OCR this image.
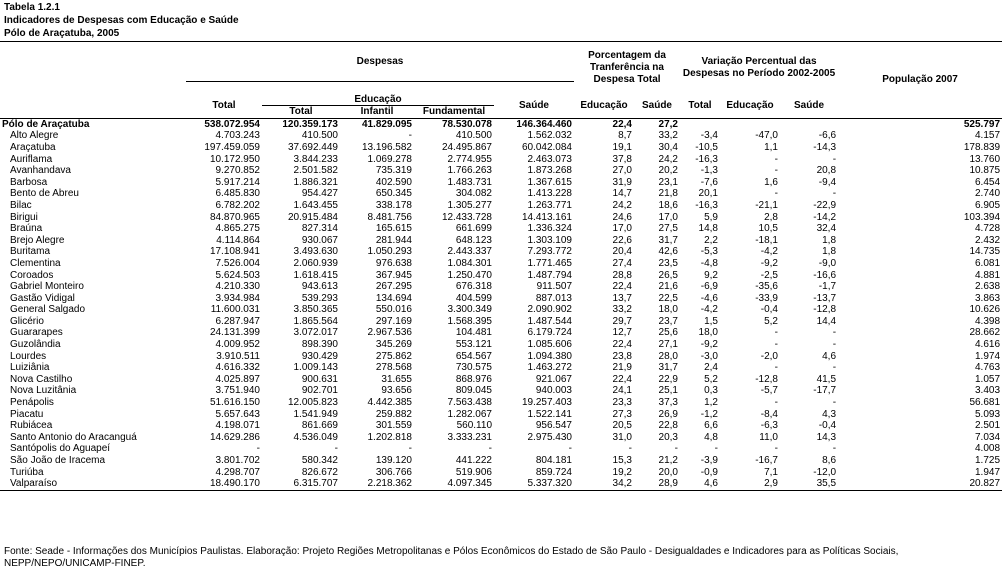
Tabela 1.2.1
Indicadores de Despesas com Educação e Saúde
Pólo de Araçatuba, 2005
	Despesas					Porcentagem da Tranferência na Despesa Total		Variação Percentual das Despesas no Período 2002-2005			População 2007

	Total	Educação			Saúde	Educação	Saúde	Total	Educação	Saúde	
		Total	Infantil	Fundamental							
Pólo de Araçatuba	538.072.954	120.359.173	41.829.095	78.530.078	146.364.460	22,4	27,2				525.797
Alto Alegre	4.703.243	410.500	-	410.500	1.562.032	8,7	33,2	-3,4	-47,0	-6,6	4.157
Araçatuba	197.459.059	37.692.449	13.196.582	24.495.867	60.042.084	19,1	30,4	-10,5	1,1	-14,3	178.839
Auriflama	10.172.950	3.844.233	1.069.278	2.774.955	2.463.073	37,8	24,2	-16,3	-	-	13.760
Avanhandava	9.270.852	2.501.582	735.319	1.766.263	1.873.268	27,0	20,2	-1,3	-	20,8	10.875
Barbosa	5.917.214	1.886.321	402.590	1.483.731	1.367.615	31,9	23,1	-7,6	1,6	-9,4	6.454
Bento de Abreu	6.485.830	954.427	650.345	304.082	1.413.228	14,7	21,8	20,1	-	-	2.740
Bilac	6.782.202	1.643.455	338.178	1.305.277	1.263.771	24,2	18,6	-16,3	-21,1	-22,9	6.905
Birigui	84.870.965	20.915.484	8.481.756	12.433.728	14.413.161	24,6	17,0	5,9	2,8	-14,2	103.394
Braúna	4.865.275	827.314	165.615	661.699	1.336.324	17,0	27,5	14,8	10,5	32,4	4.728
Brejo Alegre	4.114.864	930.067	281.944	648.123	1.303.109	22,6	31,7	2,2	-18,1	1,8	2.432
Buritama	17.108.941	3.493.630	1.050.293	2.443.337	7.293.772	20,4	42,6	-5,3	-4,2	1,8	14.735
Clementina	7.526.004	2.060.939	976.638	1.084.301	1.771.465	27,4	23,5	-4,8	-9,2	-9,0	6.081
Coroados	5.624.503	1.618.415	367.945	1.250.470	1.487.794	28,8	26,5	9,2	-2,5	-16,6	4.881
Gabriel Monteiro	4.210.330	943.613	267.295	676.318	911.507	22,4	21,6	-6,9	-35,6	-1,7	2.638
Gastão Vidigal	3.934.984	539.293	134.694	404.599	887.013	13,7	22,5	-4,6	-33,9	-13,7	3.863
General Salgado	11.600.031	3.850.365	550.016	3.300.349	2.090.902	33,2	18,0	-4,2	-0,4	-12,8	10.626
Glicério	6.287.947	1.865.564	297.169	1.568.395	1.487.544	29,7	23,7	1,5	5,2	14,4	4.398
Guararapes	24.131.399	3.072.017	2.967.536	104.481	6.179.724	12,7	25,6	18,0	-	-	28.662
Guzolândia	4.009.952	898.390	345.269	553.121	1.085.606	22,4	27,1	-9,2	-	-	4.616
Lourdes	3.910.511	930.429	275.862	654.567	1.094.380	23,8	28,0	-3,0	-2,0	4,6	1.974
Luiziânia	4.616.332	1.009.143	278.568	730.575	1.463.272	21,9	31,7	2,4	-	-	4.763
Nova Castilho	4.025.897	900.631	31.655	868.976	921.067	22,4	22,9	5,2	-12,8	41,5	1.057
Nova Luzitânia	3.751.940	902.701	93.656	809.045	940.003	24,1	25,1	0,3	-5,7	-17,7	3.403
Penápolis	51.616.150	12.005.823	4.442.385	7.563.438	19.257.403	23,3	37,3	1,2	-	-	56.681
Piacatu	5.657.643	1.541.949	259.882	1.282.067	1.522.141	27,3	26,9	-1,2	-8,4	4,3	5.093
Rubiácea	4.198.071	861.669	301.559	560.110	956.547	20,5	22,8	6,6	-6,3	-0,4	2.501
Santo Antonio do Aracanguá	14.629.286	4.536.049	1.202.818	3.333.231	2.975.430	31,0	20,3	4,8	11,0	14,3	7.034
Santópolis do Aguapeí	-	-	-	-	-	-	-	-	-	-	4.008
São João de Iracema	3.801.702	580.342	139.120	441.222	804.181	15,3	21,2	-3,9	-16,7	8,6	1.725
Turiúba	4.298.707	826.672	306.766	519.906	859.724	19,2	20,0	-0,9	7,1	-12,0	1.947
Valparaíso	18.490.170	6.315.707	2.218.362	4.097.345	5.337.320	34,2	28,9	4,6	2,9	35,5	20.827
Fonte: Seade - Informações dos Municípios Paulistas. Elaboração: Projeto Regiões Metropolitanas e Pólos Econômicos do Estado de São Paulo - Desigualdades e Indicadores para as Políticas Sociais,
NEPP/NEPO/UNICAMP-FINEP.
